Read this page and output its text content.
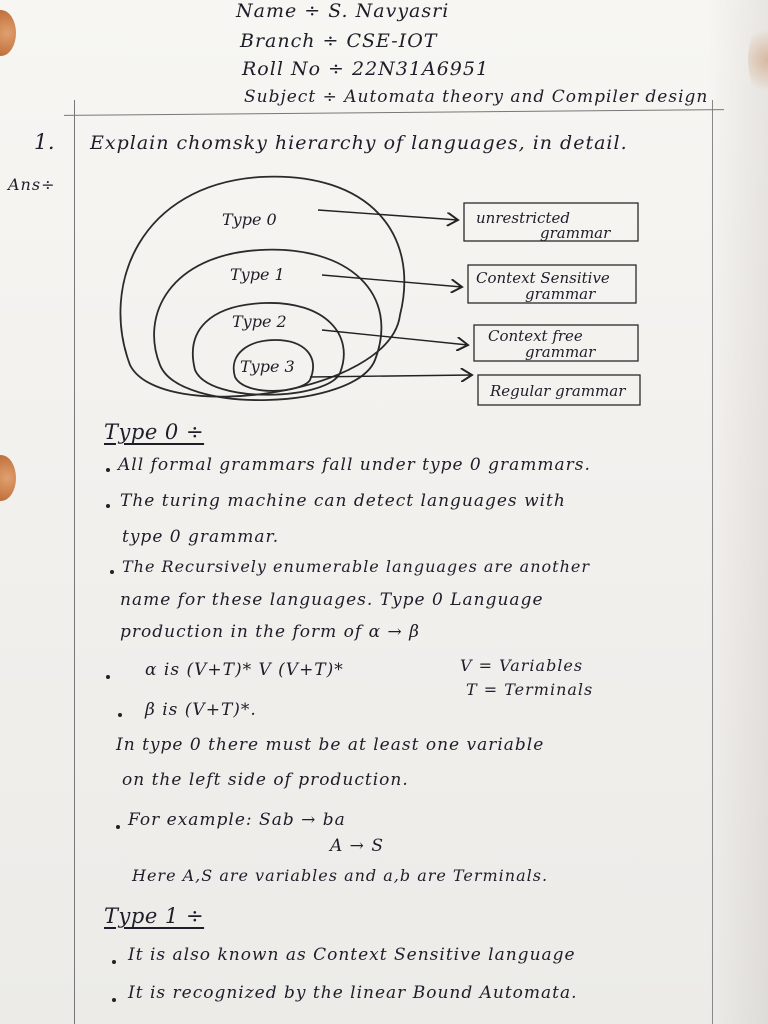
Name ÷ S. Navyasri
Branch ÷ CSE-IOT
Roll No ÷ 22N31A6951
Subject ÷ Automata theory and Compiler design
1. Explain chomsky hierarchy of languages, in detail.
Ans÷
Type 0
Type 1
Type 2
Type 3
unrestricted
grammar
Context Sensitive
grammar
Context free
grammar
Regular grammar
Type 0 ÷
All formal grammars fall under type 0 grammars.
The turing machine can detect languages with
type 0 grammar.
The Recursively enumerable languages are another
name for these languages. Type 0 Language
production in the form of α → β
α is (V+T)* V (V+T)*	V = Variables
T = Terminals
β is (V+T)*.
In type 0 there must be at least one variable
on the left side of production.
For example: Sab → ba
A → S
Here A,S are variables and a,b are Terminals.
Type 1 ÷
It is also known as Context Sensitive language
It is recognized by the linear Bound Automata.
